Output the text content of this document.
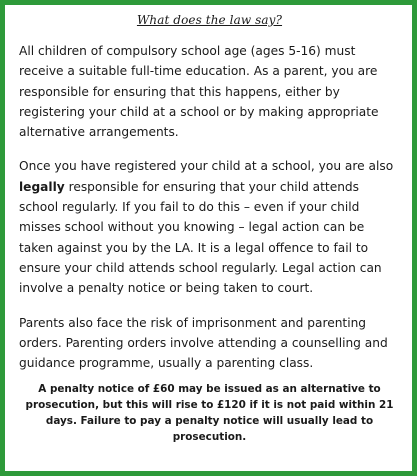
What does the law say?

All children of compulsory school age (ages 5-16) must receive a suitable full-time education. As a parent, you are responsible for ensuring that this happens, either by registering your child at a school or by making appropriate alternative arrangements.

Once you have registered your child at a school, you are also legally responsible for ensuring that your child attends school regularly. If you fail to do this – even if your child misses school without you knowing – legal action can be taken against you by the LA. It is a legal offence to fail to ensure your child attends school regularly. Legal action can involve a penalty notice or being taken to court.

Parents also face the risk of imprisonment and parenting orders. Parenting orders involve attending a counselling and guidance programme, usually a parenting class.

A penalty notice of £60 may be issued as an alternative to prosecution, but this will rise to £120 if it is not paid within 21 days. Failure to pay a penalty notice will usually lead to prosecution.
